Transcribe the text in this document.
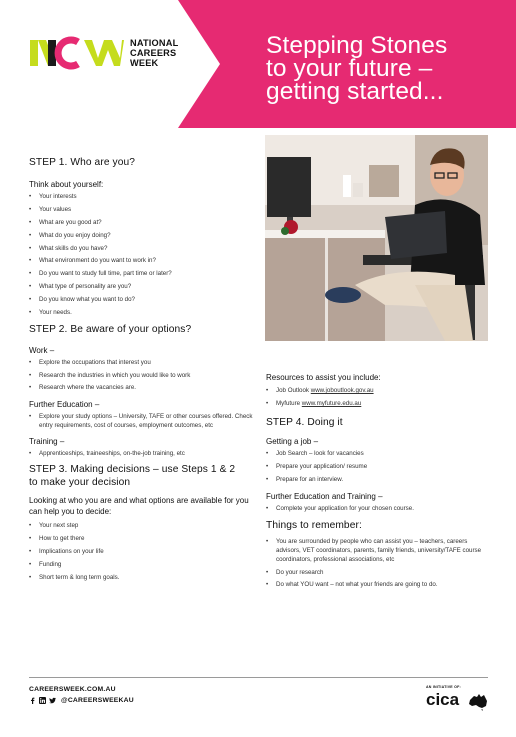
NATIONAL
CAREERS
WEEK
Stepping Stones
to your future –
getting started...
STEP 1. Who are you?
Think about yourself:
• Your interests
• Your values
• What are you good at?
• What do you enjoy doing?
• What skills do you have?
• What environment do you want to work in?
• Do you want to study full time, part time or later?
• What type of personality are you?
• Do you know what you want to do?
• Your needs.
STEP 2. Be aware of your options?
Work –
• Explore the occupations that interest you
• Research the industries in which you would like to work
• Research where the vacancies are.
Further Education –
• Explore your study options – University, TAFE or other courses offered. Check entry requirements, cost of courses, employment outcomes, etc
Training –
• Apprenticeships, traineeships, on-the-job training, etc
STEP 3. Making decisions – use Steps 1 & 2
to make your decision

Looking at who you are and what options are available for you can help you to decide:

• Your next step
• How to get there
• Implications on your life
• Funding
• Short term & long term goals.
Resources to assist you include:
• Job Outlook www.joboutlook.gov.au
• Myfuture www.myfuture.edu.au
STEP 4. Doing it
Getting a job –
• Job Search – look for vacancies
• Prepare your application/ resume
• Prepare for an interview.
Further Education and Training –
• Complete your application for your chosen course.
Things to remember:
• You are surrounded by people who can assist you – teachers, careers advisors, VET coordinators, parents, family friends, university/TAFE course coordinators, professional associations, etc
• Do your research
• Do what YOU want – not what your friends are going to do.
CAREERSWEEK.COM.AU
@CAREERSWEEKAU
AN INITIATIVE OF:
cica
